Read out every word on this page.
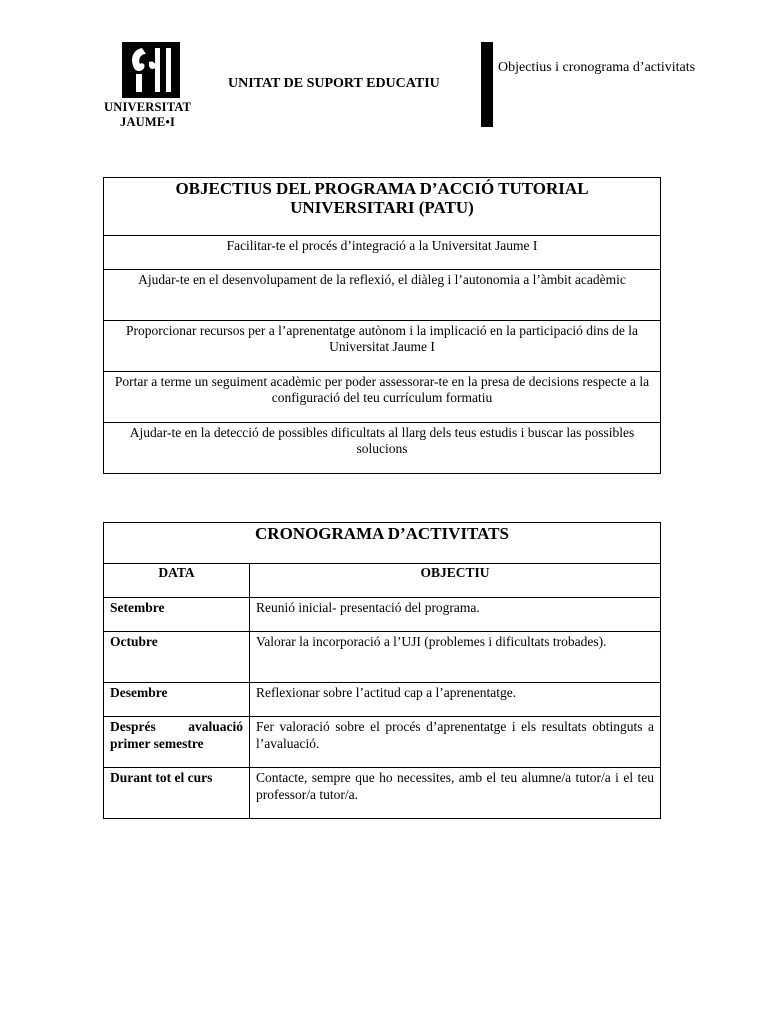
UNIVERSITAT
JAUME•I
UNITAT DE SUPORT EDUCATIU
Objectius i cronograma d’activitats
OBJECTIUS DEL PROGRAMA D’ACCIÓ TUTORIAL UNIVERSITARI (PATU)
Facilitar-te el procés d’integració a la Universitat Jaume I
Ajudar-te en el desenvolupament de la reflexió, el diàleg i l’autonomia a l’àmbit acadèmic
Proporcionar recursos per a l’aprenentatge autònom i la implicació en la participació dins de la Universitat Jaume I
Portar a terme un seguiment acadèmic per poder assessorar-te en la presa de decisions respecte a la configuració del teu currículum formatiu
Ajudar-te en la detecció de possibles dificultats al llarg dels teus estudis i buscar las possibles solucions
CRONOGRAMA D’ACTIVITATS	
DATA	OBJECTIU
Setembre	Reunió inicial- presentació del programa.
Octubre	Valorar la incorporació a l’UJI (problemes i dificultats trobades).
Desembre	Reflexionar sobre l’actitud cap a l’aprenentatge.
Després avaluació primer semestre	Fer valoració sobre el procés d’aprenentatge i els resultats obtinguts a l’avaluació.
Durant tot el curs	Contacte, sempre que ho necessites, amb el teu alumne/a tutor/a i el teu professor/a tutor/a.
